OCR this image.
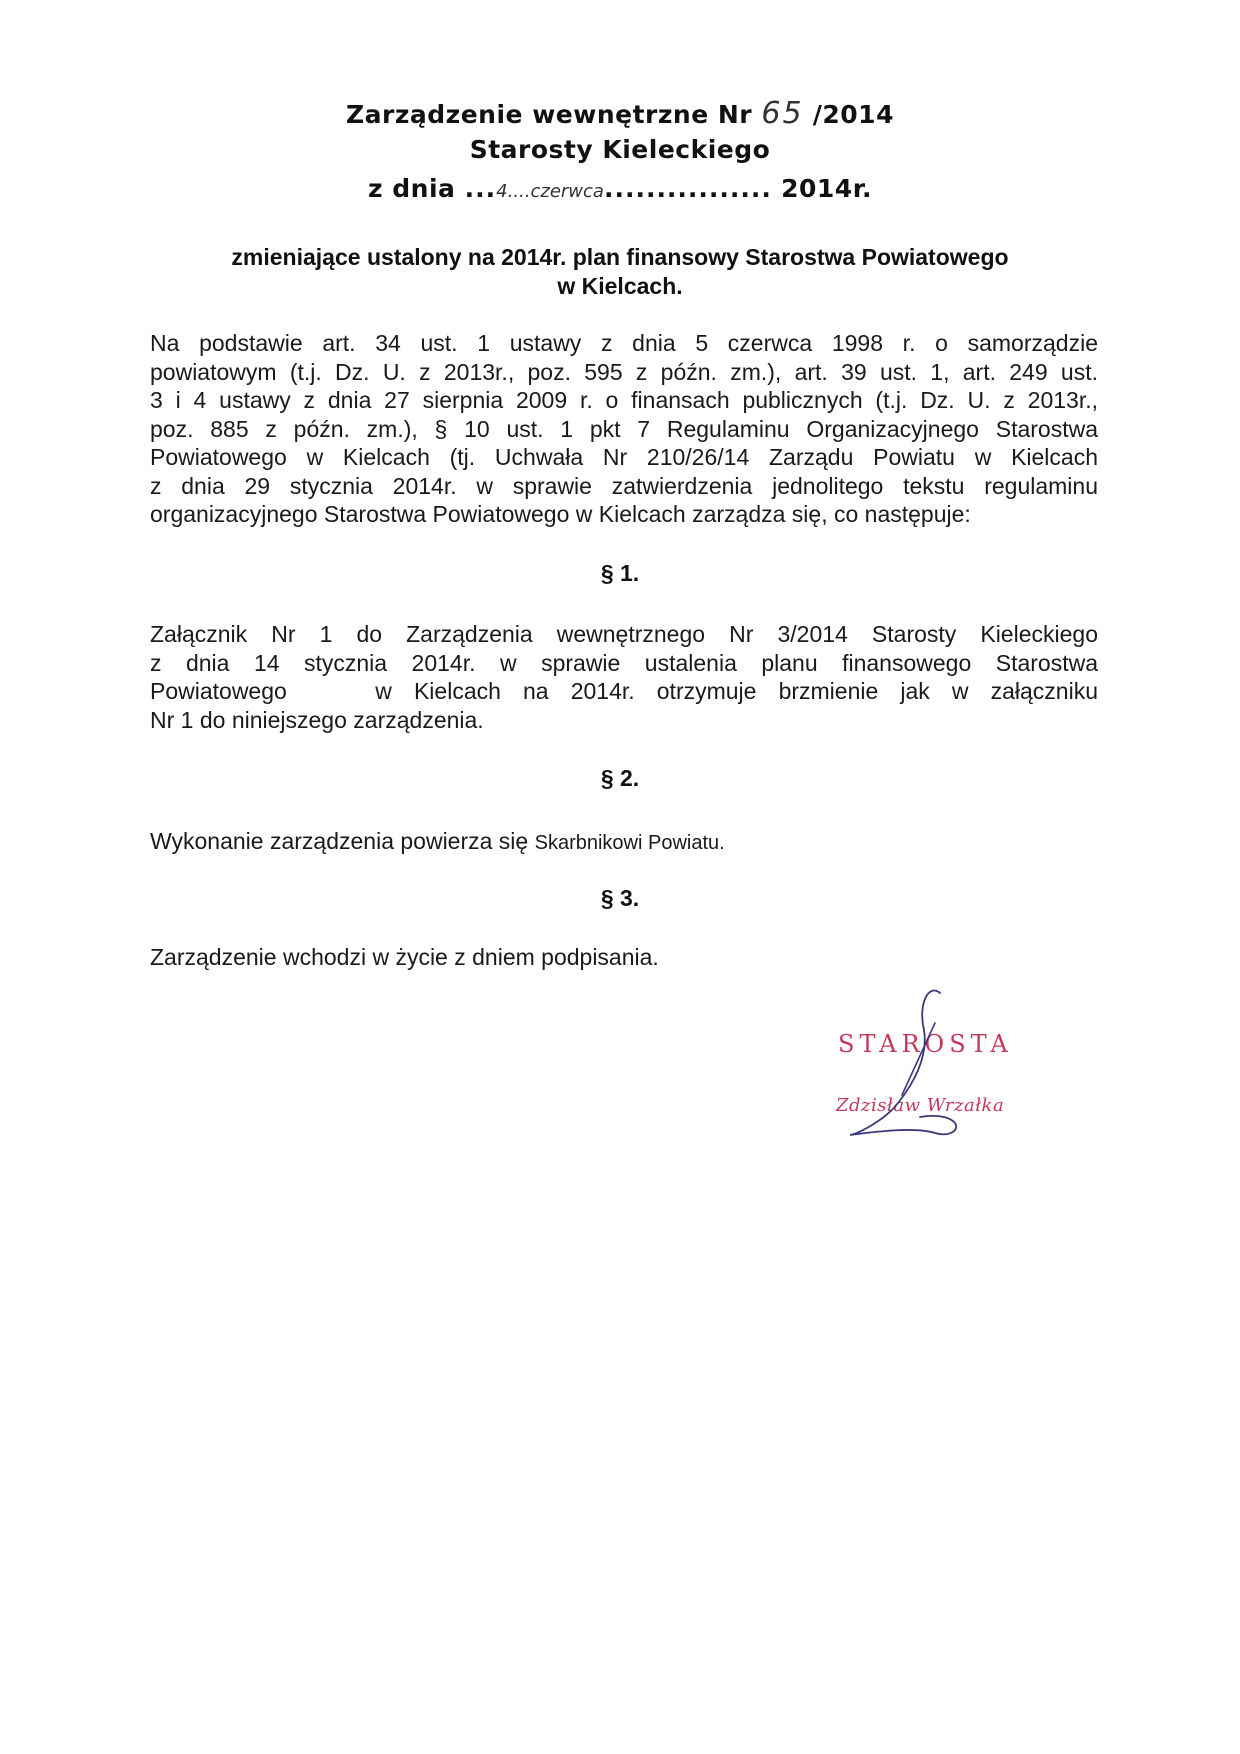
Zarządzenie wewnętrzne Nr 65 /2014
Starosty Kieleckiego
z dnia ...4....czerwca................ 2014r.
zmieniające ustalony na 2014r. plan finansowy Starostwa Powiatowego
w Kielcach.
Na podstawie art. 34 ust. 1 ustawy z dnia 5 czerwca 1998 r. o samorządzie
powiatowym (t.j. Dz. U. z 2013r., poz. 595 z późn. zm.), art. 39 ust. 1, art. 249 ust.
3 i 4 ustawy z dnia 27 sierpnia 2009 r. o finansach publicznych (t.j. Dz. U. z 2013r.,
poz. 885 z późn. zm.), § 10 ust. 1 pkt 7 Regulaminu Organizacyjnego Starostwa
Powiatowego w Kielcach (tj. Uchwała Nr 210/26/14 Zarządu Powiatu w Kielcach
z dnia 29 stycznia 2014r. w sprawie zatwierdzenia jednolitego tekstu regulaminu
organizacyjnego Starostwa Powiatowego w Kielcach zarządza się, co następuje:
§ 1.
Załącznik Nr 1 do Zarządzenia wewnętrznego Nr 3/2014 Starosty Kieleckiego
z dnia 14 stycznia 2014r. w sprawie ustalenia planu finansowego Starostwa
Powiatowego    w Kielcach na 2014r. otrzymuje brzmienie jak w załączniku
Nr 1 do niniejszego zarządzenia.
§ 2.
Wykonanie zarządzenia powierza się Skarbnikowi Powiatu.
§ 3.
Zarządzenie wchodzi w życie z dniem podpisania.
STAROSTA
Zdzisław Wrzałka
